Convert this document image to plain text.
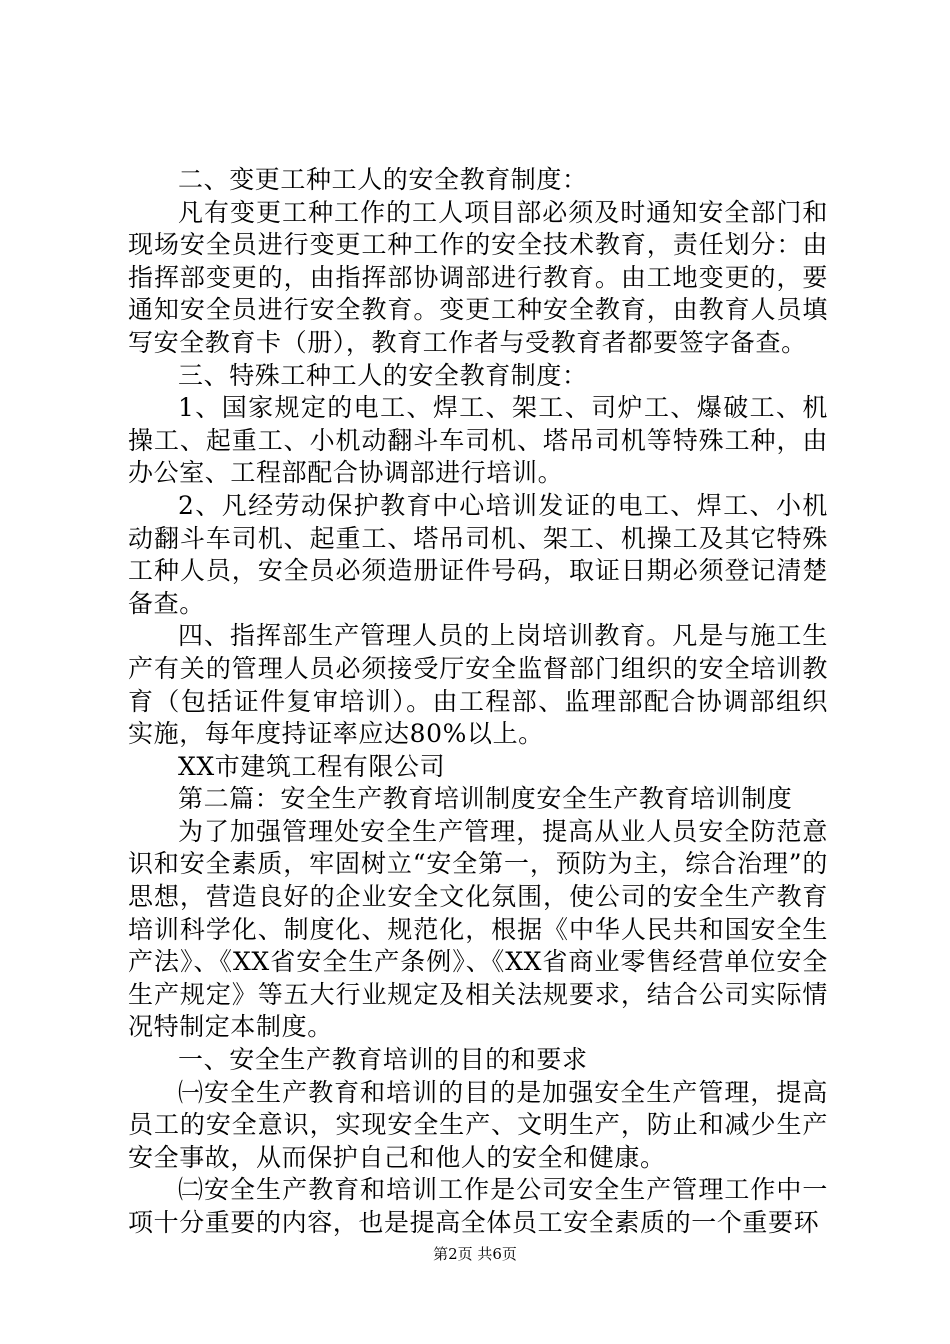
二、变更工种工人的安全教育制度：

凡有变更工种工作的工人项目部必须及时通知安全部门和现场安全员进行变更工种工作的安全技术教育，责任划分：由指挥部变更的，由指挥部协调部进行教育。由工地变更的，要通知安全员进行安全教育。变更工种安全教育，由教育人员填写安全教育卡（册），教育工作者与受教育者都要签字备查。

三、特殊工种工人的安全教育制度：

1、国家规定的电工、焊工、架工、司炉工、爆破工、机操工、起重工、小机动翻斗车司机、塔吊司机等特殊工种，由办公室、工程部配合协调部进行培训。

2、凡经劳动保护教育中心培训发证的电工、焊工、小机动翻斗车司机、起重工、塔吊司机、架工、机操工及其它特殊工种人员，安全员必须造册证件号码，取证日期必须登记清楚备查。

四、指挥部生产管理人员的上岗培训教育。凡是与施工生产有关的管理人员必须接受厅安全监督部门组织的安全培训教育（包括证件复审培训）。由工程部、监理部配合协调部组织实施，每年度持证率应达80%以上。

XX市建筑工程有限公司

第二篇：安全生产教育培训制度安全生产教育培训制度

为了加强管理处安全生产管理，提高从业人员安全防范意识和安全素质，牢固树立“安全第一，预防为主，综合治理”的思想，营造良好的企业安全文化氛围，使公司的安全生产教育培训科学化、制度化、规范化，根据《中华人民共和国安全生产法》、《XX省安全生产条例》、《XX省商业零售经营单位安全生产规定》等五大行业规定及相关法规要求，结合公司实际情况特制定本制度。

一、安全生产教育培训的目的和要求

㈠安全生产教育和培训的目的是加强安全生产管理，提高员工的安全意识，实现安全生产、文明生产，防止和减少生产安全事故，从而保护自己和他人的安全和健康。

㈡安全生产教育和培训工作是公司安全生产管理工作中一项十分重要的内容，也是提高全体员工安全素质的一个重要环

第2页 共6页
